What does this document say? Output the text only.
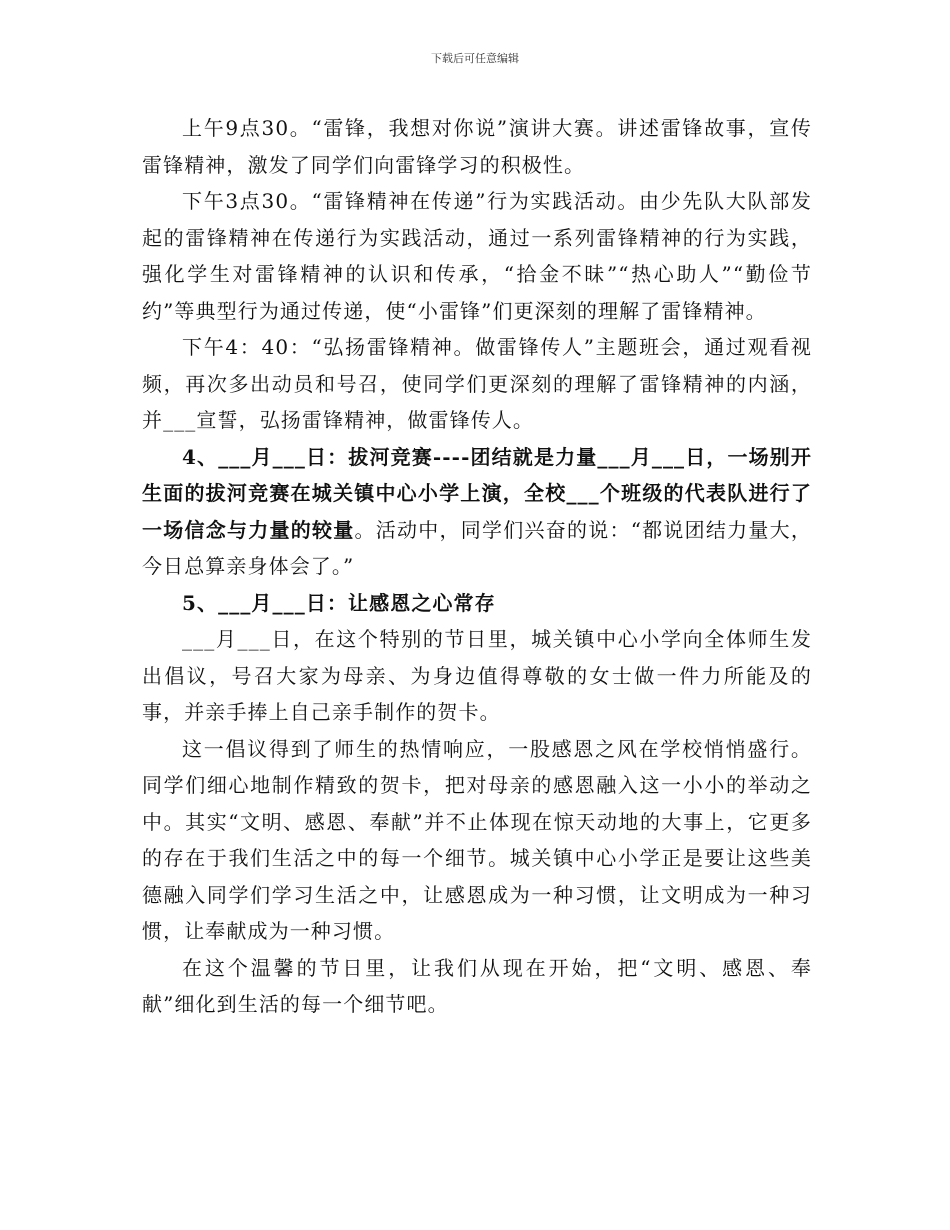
下载后可任意编辑

上午9点30。“雷锋，我想对你说”演讲大赛。讲述雷锋故事，宣传雷锋精神，激发了同学们向雷锋学习的积极性。

下午3点30。“雷锋精神在传递”行为实践活动。由少先队大队部发起的雷锋精神在传递行为实践活动，通过一系列雷锋精神的行为实践，强化学生对雷锋精神的认识和传承，“拾金不昧”“热心助人”“勤俭节约”等典型行为通过传递，使“小雷锋”们更深刻的理解了雷锋精神。

下午4：40：“弘扬雷锋精神。做雷锋传人”主题班会，通过观看视频，再次多出动员和号召，使同学们更深刻的理解了雷锋精神的内涵，并___宣誓，弘扬雷锋精神，做雷锋传人。

4、___月___日：拔河竞赛----团结就是力量___月___日，一场别开生面的拔河竞赛在城关镇中心小学上演，全校___个班级的代表队进行了一场信念与力量的较量。活动中，同学们兴奋的说：“都说团结力量大，今日总算亲身体会了。”

5、___月___日：让感恩之心常存

___月___日，在这个特别的节日里，城关镇中心小学向全体师生发出倡议，号召大家为母亲、为身边值得尊敬的女士做一件力所能及的事，并亲手捧上自己亲手制作的贺卡。

这一倡议得到了师生的热情响应，一股感恩之风在学校悄悄盛行。同学们细心地制作精致的贺卡，把对母亲的感恩融入这一小小的举动之中。其实“文明、感恩、奉献”并不止体现在惊天动地的大事上，它更多的存在于我们生活之中的每一个细节。城关镇中心小学正是要让这些美德融入同学们学习生活之中，让感恩成为一种习惯，让文明成为一种习惯，让奉献成为一种习惯。

在这个温馨的节日里，让我们从现在开始，把“文明、感恩、奉献”细化到生活的每一个细节吧。
